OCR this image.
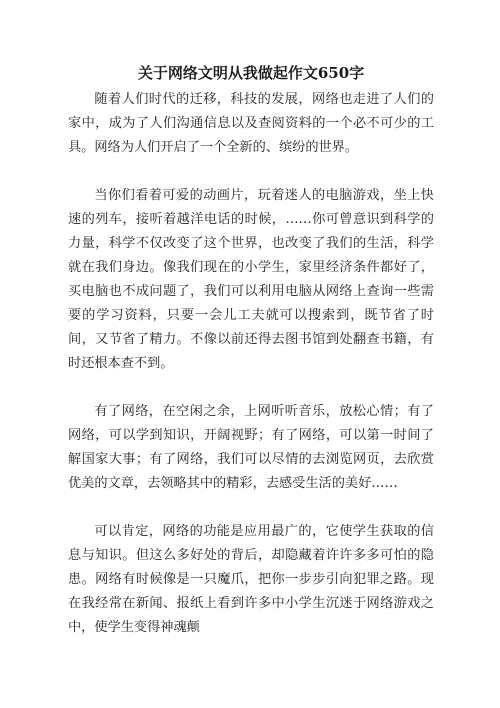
关于网络文明从我做起作文650字

随着人们时代的迁移，科技的发展，网络也走进了人们的家中，成为了人们沟通信息以及查阅资料的一个必不可少的工具。网络为人们开启了一个全新的、缤纷的世界。

当你们看着可爱的动画片，玩着迷人的电脑游戏，坐上快速的列车，接听着越洋电话的时候，……你可曾意识到科学的力量，科学不仅改变了这个世界，也改变了我们的生活，科学就在我们身边。像我们现在的小学生，家里经济条件都好了，买电脑也不成问题了，我们可以利用电脑从网络上查询一些需要的学习资料，只要一会儿工夫就可以搜索到，既节省了时间，又节省了精力。不像以前还得去图书馆到处翻查书籍，有时还根本查不到。

有了网络，在空闲之余，上网听听音乐，放松心情；有了网络，可以学到知识，开阔视野；有了网络，可以第一时间了解国家大事；有了网络，我们可以尽情的去浏览网页，去欣赏优美的文章，去领略其中的精彩，去感受生活的美好……

可以肯定，网络的功能是应用最广的，它使学生获取的信息与知识。但这么多好处的背后，却隐藏着许许多多可怕的隐患。网络有时候像是一只魔爪，把你一步步引向犯罪之路。现在我经常在新闻、报纸上看到许多中小学生沉迷于网络游戏之中，使学生变得神魂颠
